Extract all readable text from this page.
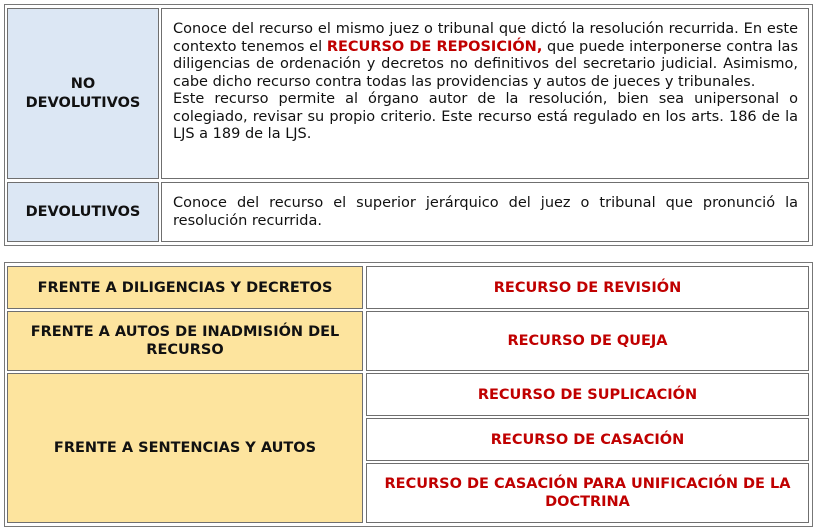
NO DEVOLUTIVOS

Conoce del recurso el mismo juez o tribunal que dictó la resolución recurrida. En este contexto tenemos el RECURSO DE REPOSICIÓN, que puede interponerse contra las diligencias de ordenación y decretos no definitivos del secretario judicial. Asimismo, cabe dicho recurso contra todas las providencias y autos de jueces y tribunales.

Este recurso permite al órgano autor de la resolución, bien sea unipersonal o colegiado, revisar su propio criterio. Este recurso está regulado en los arts. 186 de la LJS a 189 de la LJS.

DEVOLUTIVOS

Conoce del recurso el superior jerárquico del juez o tribunal que pronunció la resolución recurrida.

FRENTE A DILIGENCIAS Y DECRETOS	RECURSO DE REVISIÓN
FRENTE A AUTOS DE INADMISIÓN DEL RECURSO
RECURSO DE QUEJA
FRENTE A SENTENCIAS Y AUTOS
RECURSO DE SUPLICACIÓN
RECURSO DE CASACIÓN
RECURSO DE CASACIÓN PARA UNIFICACIÓN DE LA DOCTRINA
